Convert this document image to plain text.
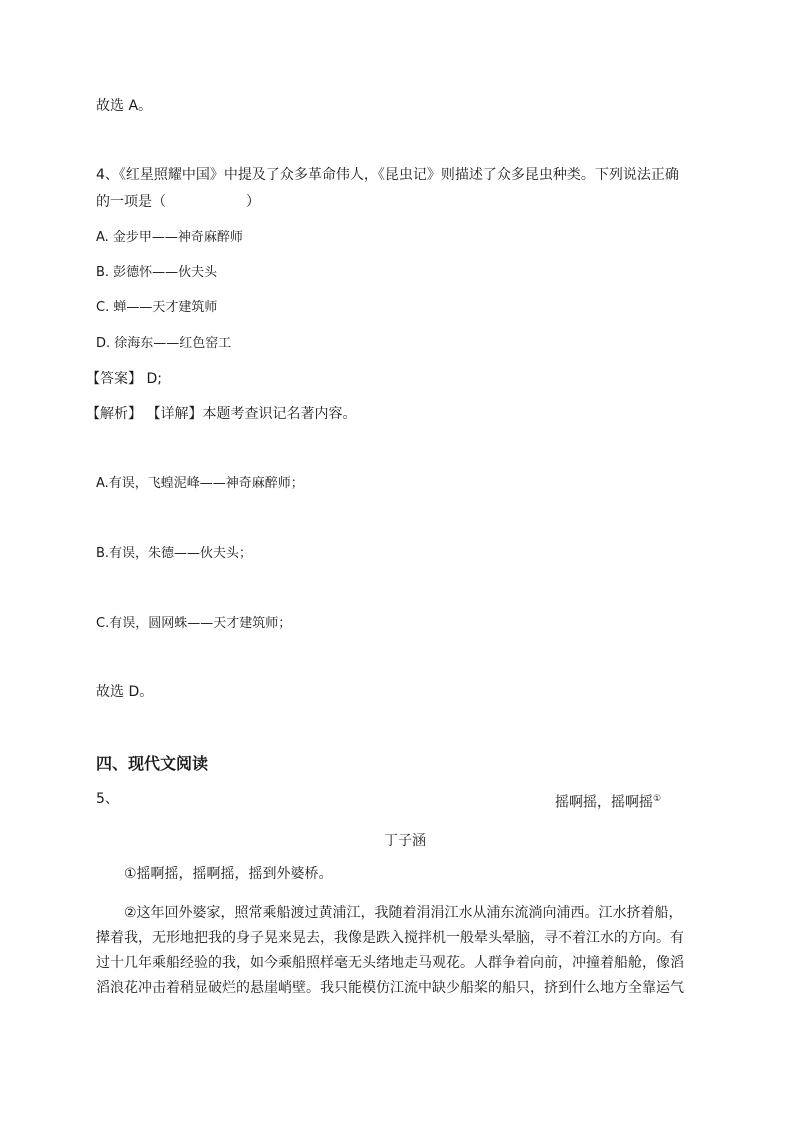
故选 A。
4、《红星照耀中国》中提及了众多革命伟人，《昆虫记》则描述了众多昆虫种类。下列说法正确
的一项是（	）
A. 金步甲——神奇麻醉师
B. 彭德怀——伙夫头
C. 蝉——天才建筑师
D. 徐海东——红色窑工
【答案】 D;
【解析】 【详解】本题考查识记名著内容。
A.有误，飞蝗泥峰——神奇麻醉师；
B.有误，朱德——伙夫头；
C.有误，圆网蛛——天才建筑师；
故选 D。
四、现代文阅读
5、	摇啊摇，摇啊摇①
丁子涵
①摇啊摇，摇啊摇，摇到外婆桥。
②这年回外婆家，照常乘船渡过黄浦江，我随着涓涓江水从浦东流淌向浦西。江水挤着船，
撵着我，无形地把我的身子晃来晃去，我像是跌入搅拌机一般晕头晕脑，寻不着江水的方向。有
过十几年乘船经验的我，如今乘船照样毫无头绪地走马观花。人群争着向前，冲撞着船舱，像滔
滔浪花冲击着稍显破烂的悬崖峭壁。我只能模仿江流中缺少船桨的船只，挤到什么地方全靠运气
